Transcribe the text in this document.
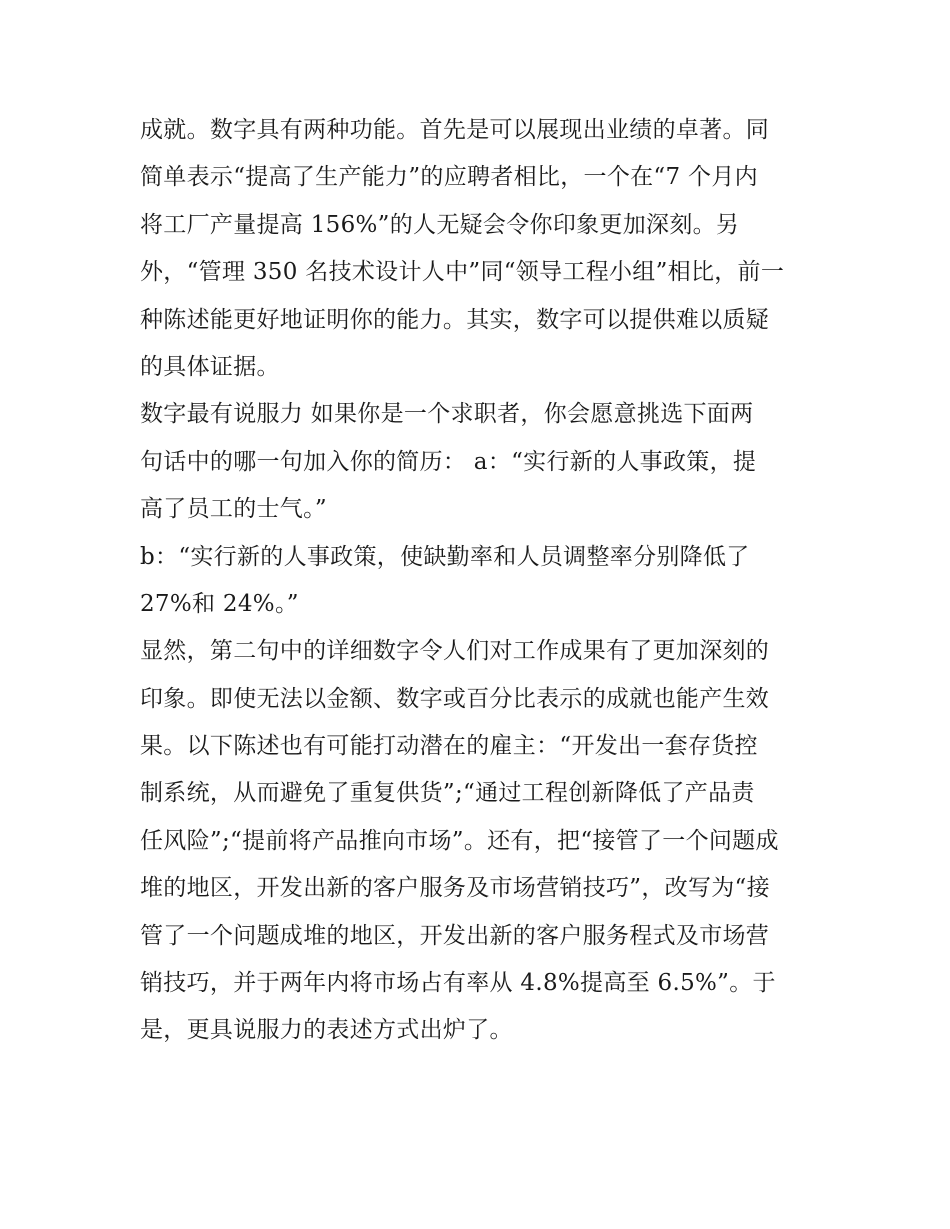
成就。数字具有两种功能。首先是可以展现出业绩的卓著。同
简单表示“提高了生产能力”的应聘者相比，一个在“7 个月内
将工厂产量提高 156%”的人无疑会令你印象更加深刻。另
外，“管理 350 名技术设计人中”同“领导工程小组”相比，前一
种陈述能更好地证明你的能力。其实，数字可以提供难以质疑
的具体证据。
数字最有说服力 如果你是一个求职者，你会愿意挑选下面两
句话中的哪一句加入你的简历： a：“实行新的人事政策，提
高了员工的士气。”
b：“实行新的人事政策，使缺勤率和人员调整率分别降低了
27%和 24%。”
显然，第二句中的详细数字令人们对工作成果有了更加深刻的
印象。即使无法以金额、数字或百分比表示的成就也能产生效
果。以下陈述也有可能打动潜在的雇主：“开发出一套存货控
制系统，从而避免了重复供货”;“通过工程创新降低了产品责
任风险”;“提前将产品推向市场”。还有，把“接管了一个问题成
堆的地区，开发出新的客户服务及市场营销技巧”，改写为“接
管了一个问题成堆的地区，开发出新的客户服务程式及市场营
销技巧，并于两年内将市场占有率从 4.8%提高至 6.5%”。于
是，更具说服力的表述方式出炉了。
